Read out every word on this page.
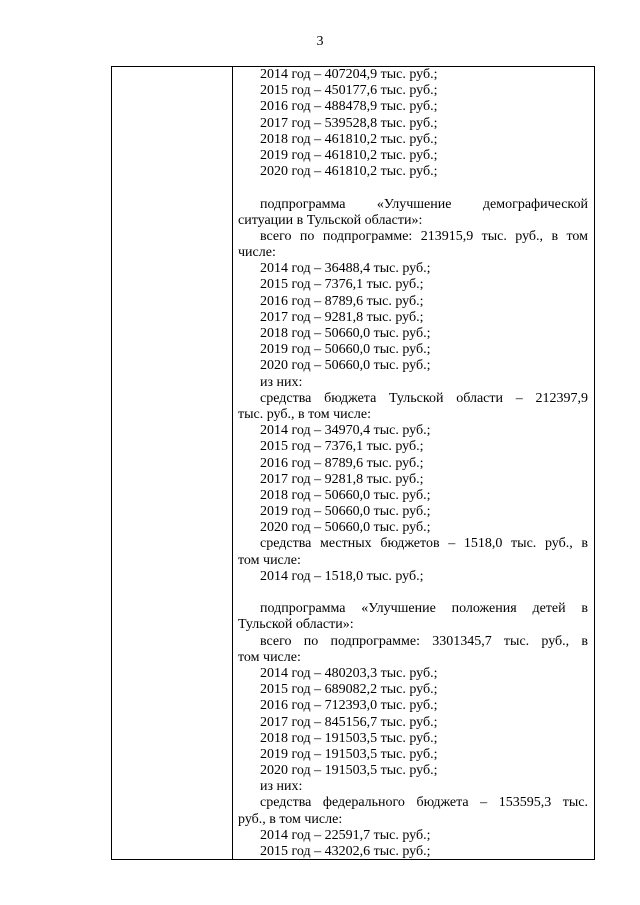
3
2014 год – 407204,9 тыс. руб.;
2015 год – 450177,6 тыс. руб.;
2016 год – 488478,9 тыс. руб.;
2017 год – 539528,8 тыс. руб.;
2018 год – 461810,2 тыс. руб.;
2019 год – 461810,2 тыс. руб.;
2020 год – 461810,2 тыс. руб.;
подпрограмма «Улучшение демографической
ситуации в Тульской области»:
всего по подпрограмме: 213915,9 тыс. руб., в том
числе:
2014 год – 36488,4 тыс. руб.;
2015 год – 7376,1 тыс. руб.;
2016 год – 8789,6 тыс. руб.;
2017 год – 9281,8 тыс. руб.;
2018 год – 50660,0 тыс. руб.;
2019 год – 50660,0 тыс. руб.;
2020 год – 50660,0 тыс. руб.;
из них:
средства бюджета Тульской области – 212397,9
тыс. руб., в том числе:
2014 год – 34970,4 тыс. руб.;
2015 год – 7376,1 тыс. руб.;
2016 год – 8789,6 тыс. руб.;
2017 год – 9281,8 тыс. руб.;
2018 год – 50660,0 тыс. руб.;
2019 год – 50660,0 тыс. руб.;
2020 год – 50660,0 тыс. руб.;
средства местных бюджетов – 1518,0 тыс. руб., в
том числе:
2014 год – 1518,0 тыс. руб.;
подпрограмма «Улучшение положения детей в
Тульской области»:
всего по подпрограмме: 3301345,7 тыс. руб., в
том числе:
2014 год – 480203,3 тыс. руб.;
2015 год – 689082,2 тыс. руб.;
2016 год – 712393,0 тыс. руб.;
2017 год – 845156,7 тыс. руб.;
2018 год – 191503,5 тыс. руб.;
2019 год – 191503,5 тыс. руб.;
2020 год – 191503,5 тыс. руб.;
из них:
средства федерального бюджета – 153595,3 тыс.
руб., в том числе:
2014 год – 22591,7 тыс. руб.;
2015 год – 43202,6 тыс. руб.;
